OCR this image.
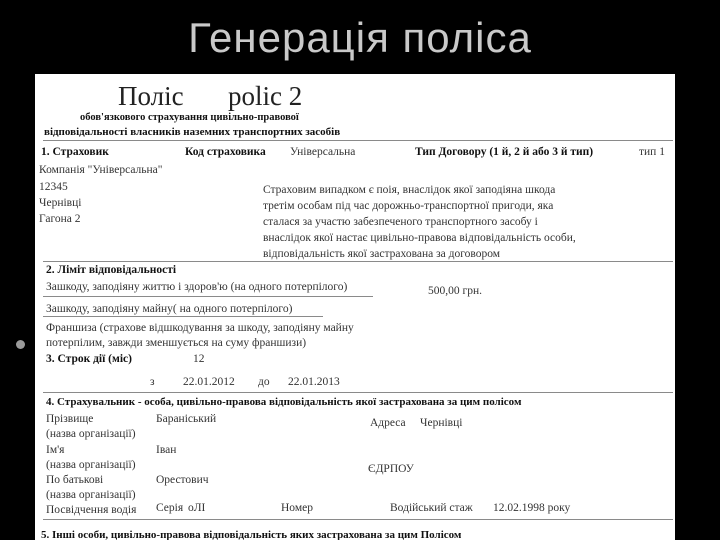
Генерація поліса
Поліс polic 2
обов'язкового страхування цивільно-правової
відповідальності власників наземних транспортних засобів
1. Страховик	Код страховика Універсальна	Тип Договору (1 й, 2 й або 3 й тип)	тип 1
Компанія "Універсальна"
12345
Чернівці
Гагона 2
Страховим випадком є поія, внаслідок якої заподіяна шкода
третім особам під час дорожньо-транспортної пригоди, яка
сталася за участю забезпеченого транспортного засобу і
внаслідок якої настає цивільно-правова відповідальність особи,
відповідальність якої застрахована за договором
2. Ліміт відповідальності
Зашкоду, заподіяну життю і здоров'ю (на одного потерпілого)	500,00 грн.
Зашкоду, заподіяну майну( на одного потерпілого)
Франшиза (страхове відшкодування за шкоду, заподіяну майну
потерпілим, завжди зменшується на суму франшизи)
3. Строк дії (міс)	12
з 22.01.2012 до 22.01.2013
4. Страхувальник - особа, цивільно-правова відповідальність якої застрахована за цим полісом
Прізвище	Бараніський	Адреса Чернівці
(назва організації)
Ім'я	Іван
(назва організації)	ЄДРПОУ
По батькові	Орестович
(назва організації)
Посвідчення водія Серія оЛІ	Номер	Водійський стаж 12.02.1998 року
5. Інші особи, цивільно-правова відповідальність яких застрахована за цим Полісом
